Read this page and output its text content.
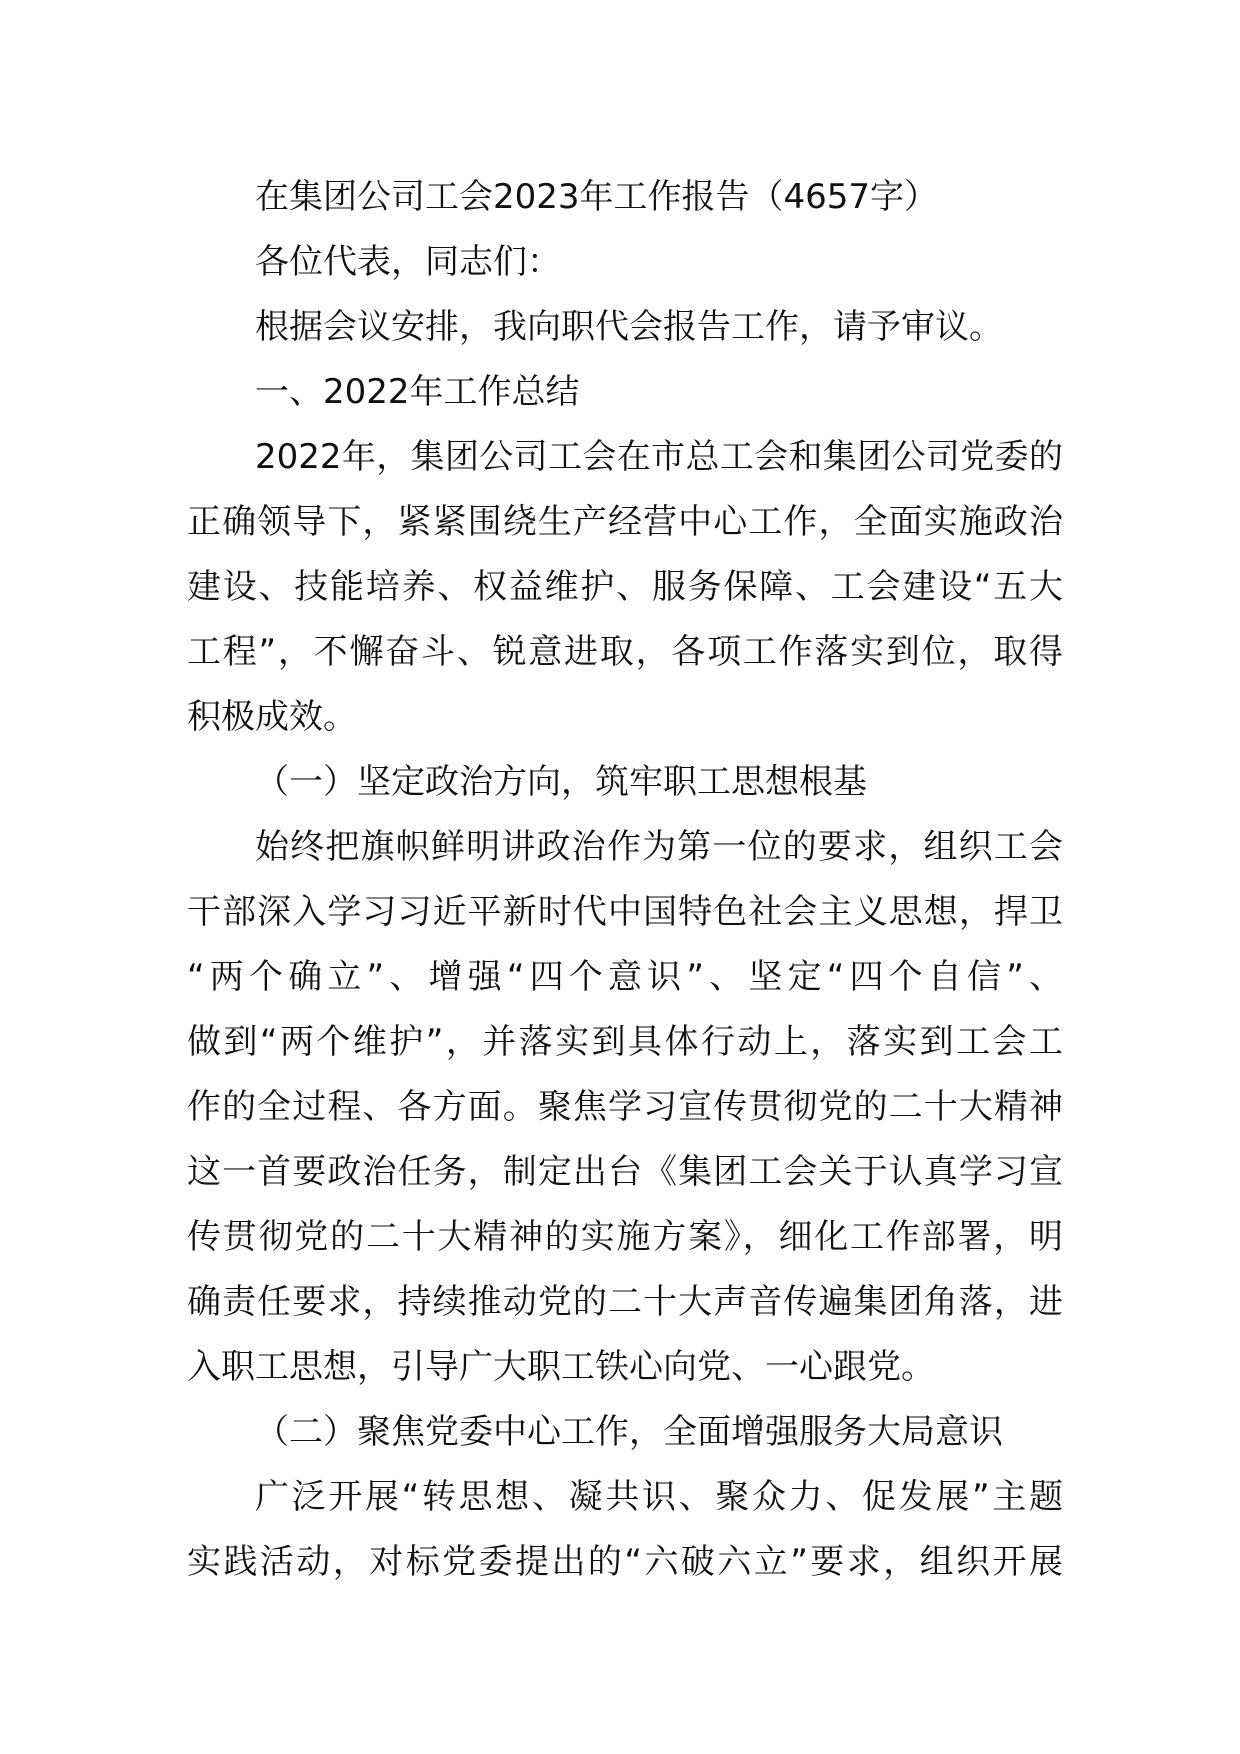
在集团公司工会2023年工作报告（4657字）
各位代表，同志们：
根据会议安排，我向职代会报告工作，请予审议。
一、2022年工作总结
2022年，集团公司工会在市总工会和集团公司党委的
正确领导下，紧紧围绕生产经营中心工作，全面实施政治
建设、技能培养、权益维护、服务保障、工会建设“五大
工程”，不懈奋斗、锐意进取，各项工作落实到位，取得
积极成效。
（一）坚定政治方向，筑牢职工思想根基
始终把旗帜鲜明讲政治作为第一位的要求，组织工会
干部深入学习习近平新时代中国特色社会主义思想，捍卫
“两个确立”、增强“四个意识”、坚定“四个自信”、
做到“两个维护”，并落实到具体行动上，落实到工会工
作的全过程、各方面。聚焦学习宣传贯彻党的二十大精神
这一首要政治任务，制定出台《集团工会关于认真学习宣
传贯彻党的二十大精神的实施方案》，细化工作部署，明
确责任要求，持续推动党的二十大声音传遍集团角落，进
入职工思想，引导广大职工铁心向党、一心跟党。
（二）聚焦党委中心工作，全面增强服务大局意识
广泛开展“转思想、凝共识、聚众力、促发展”主题
实践活动，对标党委提出的“六破六立”要求，组织开展
